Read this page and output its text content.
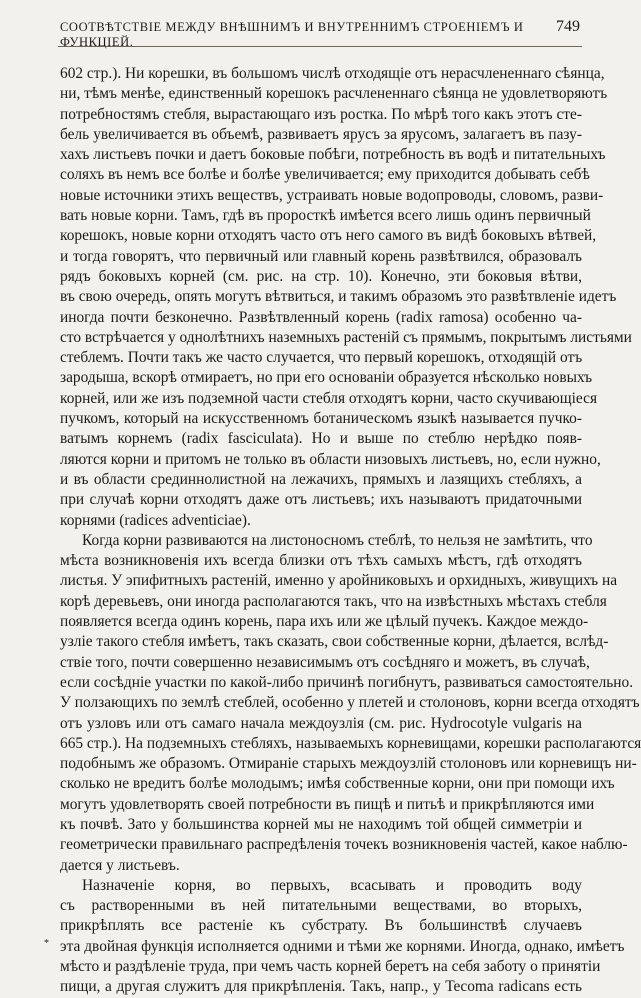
СООТВѢТСТВІЕ МЕЖДУ ВНѢШНИМЪ И ВНУТРЕННИМЪ СТРОЕНІЕМЪ И ФУНКЦІЕЙ.
749
602 стр.). Ни корешки, въ большомъ числѣ отходящіе отъ нерасчлененнаго сѣянца,
ни, тѣмъ менѣе, единственный корешокъ расчлененнаго сѣянца не удовлетворяютъ
потребностямъ стебля, вырастающаго изъ ростка. По мѣрѣ того какъ этотъ сте-
бель увеличивается въ объемѣ, развиваетъ ярусъ за ярусомъ, залагаетъ въ пазу-
хахъ листьевъ почки и даетъ боковые побѣги, потребность въ водѣ и питательныхъ
соляхъ въ немъ все болѣе и болѣе увеличивается; ему приходится добывать себѣ
новые источники этихъ веществъ, устраивать новые водопроводы, словомъ, разви-
вать новые корни. Тамъ, гдѣ въ проросткѣ имѣется всего лишь одинъ первичный
корешокъ, новые корни отходятъ часто отъ него самого въ видѣ боковыхъ вѣтвей,
и тогда говорятъ, что первичный или главный корень развѣтвился, образовалъ
рядъ боковыхъ корней (см. рис. на стр. 10). Конечно, эти боковыя вѣтви,
въ свою очередь, опять могутъ вѣтвиться, и такимъ образомъ это развѣтвленіе идетъ
иногда почти безконечно. Развѣтвленный корень (radix ramosa) особенно ча-
сто встрѣчается у однолѣтнихъ наземныхъ растеній съ прямымъ, покрытымъ листьями
стеблемъ. Почти такъ же часто случается, что первый корешокъ, отходящій отъ
зародыша, вскорѣ отмираетъ, но при его основаніи образуется нѣсколько новыхъ
корней, или же изъ подземной части стебля отходятъ корни, часто скучивающіеся
пучкомъ, который на искусственномъ ботаническомъ языкѣ называется пучко-
ватымъ корнемъ (radix fasciculata). Но и выше по стеблю нерѣдко появ-
ляются корни и притомъ не только въ области низовыхъ листьевъ, но, если нужно,
и въ области срединнолистной на лежачихъ, прямыхъ и лазящихъ стебляхъ, а
при случаѣ корни отходятъ даже отъ листьевъ; ихъ называютъ придаточными
корнями (radices adventiciae).
Когда корни развиваются на листоносномъ стеблѣ, то нельзя не замѣтить, что
мѣста возникновенія ихъ всегда близки отъ тѣхъ самыхъ мѣстъ, гдѣ отходятъ
листья. У эпифитныхъ растеній, именно у аройниковыхъ и орхидныхъ, живущихъ на
корѣ деревьевъ, они иногда располагаются такъ, что на извѣстныхъ мѣстахъ стебля
появляется всегда одинъ корень, пара ихъ или же цѣлый пучекъ. Каждое междо-
узліе такого стебля имѣетъ, такъ сказать, свои собственные корни, дѣлается, вслѣд-
ствіе того, почти совершенно независимымъ отъ сосѣдняго и можетъ, въ случаѣ,
если сосѣдніе участки по какой-либо причинѣ погибнутъ, развиваться самостоятельно.
У ползающихъ по землѣ стеблей, особенно у плетей и столоновъ, корни всегда отходятъ
отъ узловъ или отъ самаго начала междоузлія (см. рис. Hydrocotyle vulgaris на
665 стр.). На подземныхъ стебляхъ, называемыхъ корневищами, корешки располагаются
подобнымъ же образомъ. Отмираніе старыхъ междоузлій столоновъ или корневищъ ни-
сколько не вредитъ болѣе молодымъ; имѣя собственные корни, они при помощи ихъ
могутъ удовлетворять своей потребности въ пищѣ и питьѣ и прикрѣпляются ими
къ почвѣ. Зато у большинства корней мы не находимъ той общей симметріи и
геометрически правильнаго распредѣленія точекъ возникновенія частей, какое наблю-
дается у листьевъ.
Назначеніе корня, во первыхъ, всасывать и проводить воду
съ растворенными въ ней питательными веществами, во вторыхъ,
прикрѣплять все растеніе къ субстрату. Въ большинствѣ случаевъ
эта двойная функція исполняется одними и тѣми же корнями. Иногда, однако, имѣетъ
мѣсто и раздѣленіе труда, при чемъ часть корней беретъ на себя заботу о принятіи
пищи, а другая служитъ для прикрѣпленія. Такъ, напр., у Tecoma radicans есть
*
